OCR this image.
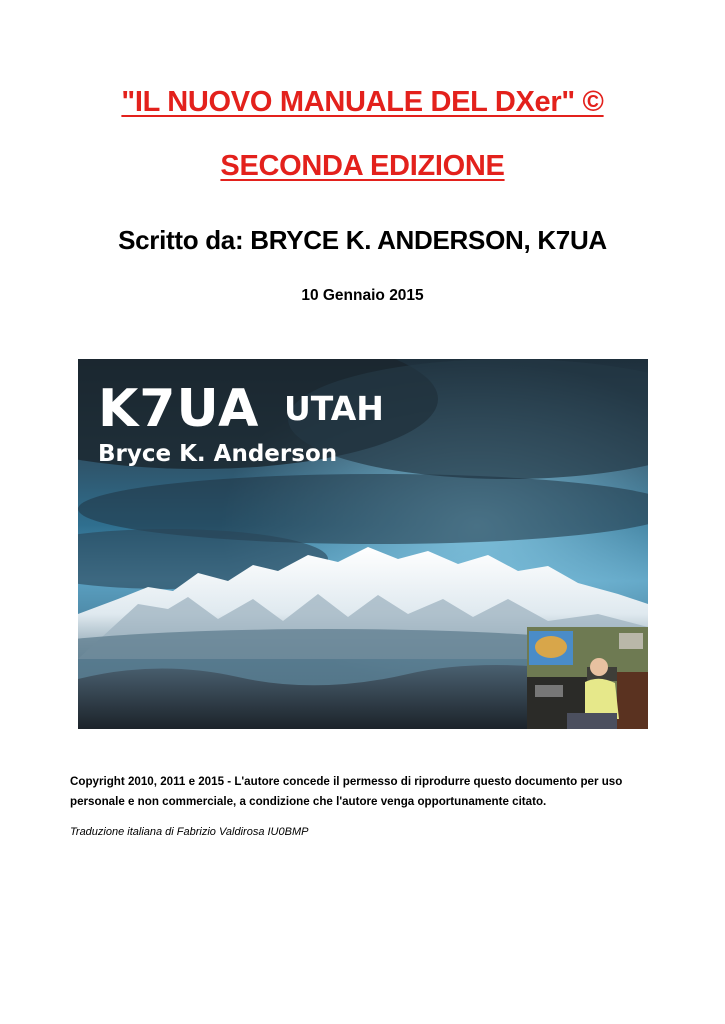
"IL NUOVO MANUALE DEL DXer" ©
SECONDA EDIZIONE
Scritto da: BRYCE K. ANDERSON, K7UA
10 Gennaio 2015
K7UA UTAH
Bryce K. Anderson
Copyright 2010, 2011 e 2015 - L'autore concede il permesso di riprodurre questo documento per uso personale e non commerciale, a condizione che l'autore venga opportunamente citato.
Traduzione italiana di Fabrizio Valdirosa IU0BMP
